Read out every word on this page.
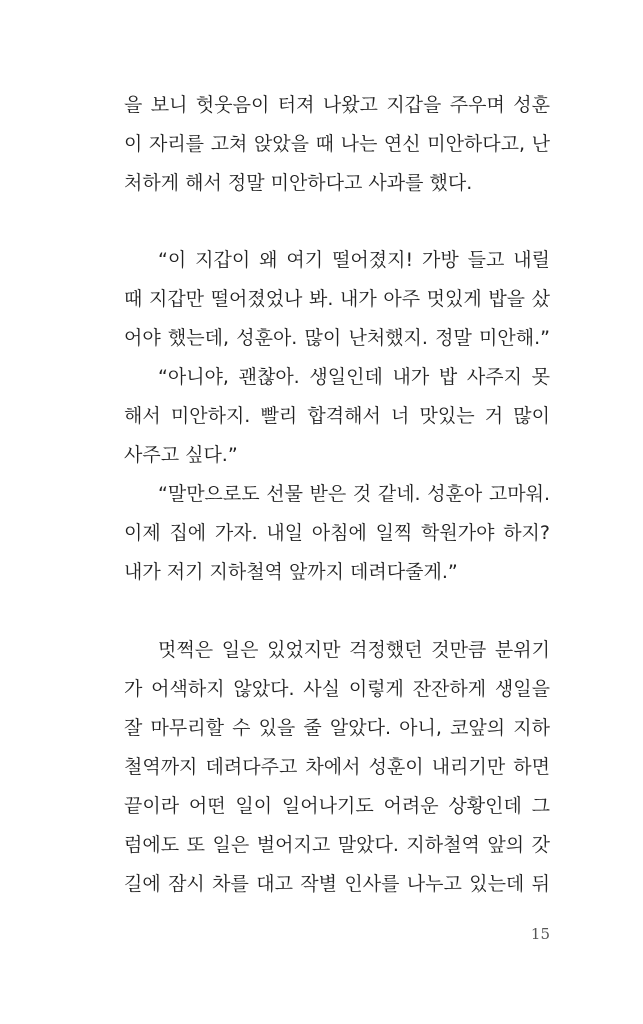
을 보니 헛웃음이 터져 나왔고 지갑을 주우며 성훈
이 자리를 고쳐 앉았을 때 나는 연신 미안하다고, 난
처하게 해서 정말 미안하다고 사과를 했다.
“이 지갑이 왜 여기 떨어졌지! 가방 들고 내릴
때 지갑만 떨어졌었나 봐. 내가 아주 멋있게 밥을 샀
어야 했는데, 성훈아. 많이 난처했지. 정말 미안해.”
“아니야, 괜찮아. 생일인데 내가 밥 사주지 못
해서 미안하지. 빨리 합격해서 너 맛있는 거 많이
사주고 싶다.”
“말만으로도 선물 받은 것 같네. 성훈아 고마워.
이제 집에 가자. 내일 아침에 일찍 학원가야 하지?
내가 저기 지하철역 앞까지 데려다줄게.”
멋쩍은 일은 있었지만 걱정했던 것만큼 분위기
가 어색하지 않았다. 사실 이렇게 잔잔하게 생일을
잘 마무리할 수 있을 줄 알았다. 아니, 코앞의 지하
철역까지 데려다주고 차에서 성훈이 내리기만 하면
끝이라 어떤 일이 일어나기도 어려운 상황인데 그
럼에도 또 일은 벌어지고 말았다. 지하철역 앞의 갓
길에 잠시 차를 대고 작별 인사를 나누고 있는데 뒤
15
